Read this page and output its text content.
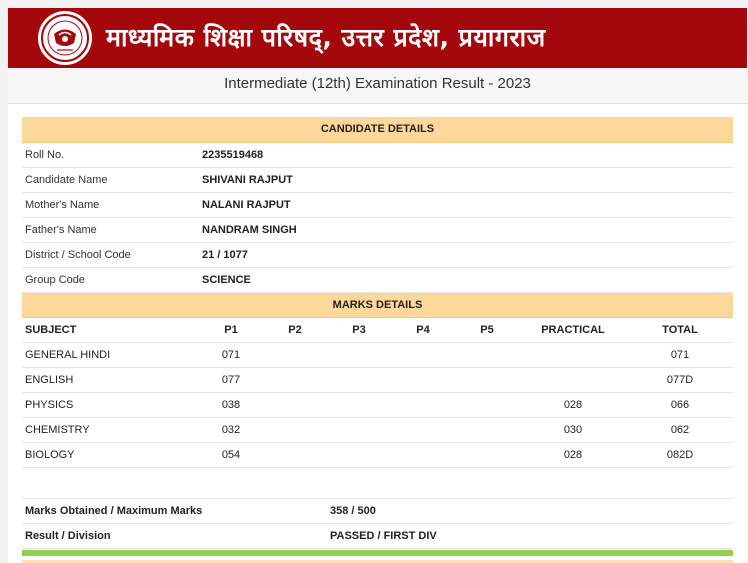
माध्यमिक शिक्षा परिषद्, उत्तर प्रदेश, प्रयागराज
Intermediate (12th) Examination Result - 2023
CANDIDATE DETAILS							
Roll No.	2235519468						
Candidate Name	SHIVANI RAJPUT						
Mother's Name	NALANI RAJPUT						
Father's Name	NANDRAM SINGH						
District / School Code	21 / 1077						
Group Code	SCIENCE						
MARKS DETAILS							
SUBJECT	P1	P2	P3	P4	P5	PRACTICAL	TOTAL
GENERAL HINDI	071						071
ENGLISH	077						077D
PHYSICS	038					028	066
CHEMISTRY	032					030	062
BIOLOGY	054					028	082D
Marks Obtained / Maximum Marks	358 / 500
Result / Division	PASSED / FIRST DIV
